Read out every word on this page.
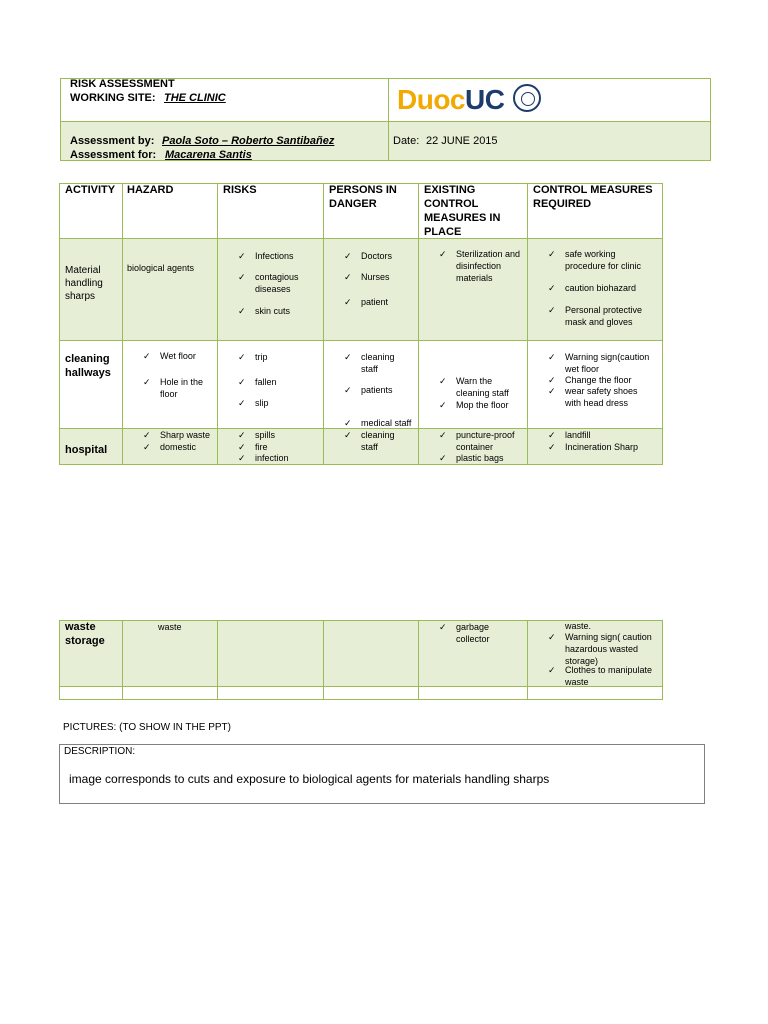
RISK ASSESSMENT
WORKING SITE: THE CLINIC	DuocUC
Assessment by: Paola Soto – Roberto Santibañez
Assessment for: Macarena Santis
Date: 22 JUNE 2015
ACTIVITY HAZARD	RISKS	PERSONS IN
DANGER
EXISTING
CONTROL
MEASURES IN
PLACE
CONTROL MEASURES
REQUIRED
Material
handling
sharps
biological agents
✓ Infections
✓ contagious
diseases
✓ skin cuts
✓ Doctors
✓ Nurses
✓ patient
✓ Sterilization and
disinfection
materials
✓ safe working
procedure for clinic
✓ caution biohazard
✓ Personal protective
mask and gloves
cleaning
hallways
✓ Wet floor
✓ Hole in the
floor
✓ trip
✓ fallen
✓ slip
✓ cleaning
staff
✓ patients
✓ medical staff
✓ Warn the
cleaning staff
✓ Mop the floor
✓ Warning sign(caution
wet floor
✓ Change the floor
✓ wear safety shoes
with head dress
hospital
✓ Sharp waste
✓ domestic
✓ spills
✓ fire
✓ infection
✓ cleaning
staff
✓ puncture-proof
container
✓ plastic bags
✓ landfill
✓ Incineration Sharp
waste
storage
waste
✓	garbage
collector
waste.
✓ Warning sign( caution
hazardous wasted
storage)
✓ Clothes to manipulate
waste
PICTURES: (TO SHOW IN THE PPT)
DESCRIPTION:
image corresponds to cuts and exposure to biological agents for materials handling sharps
